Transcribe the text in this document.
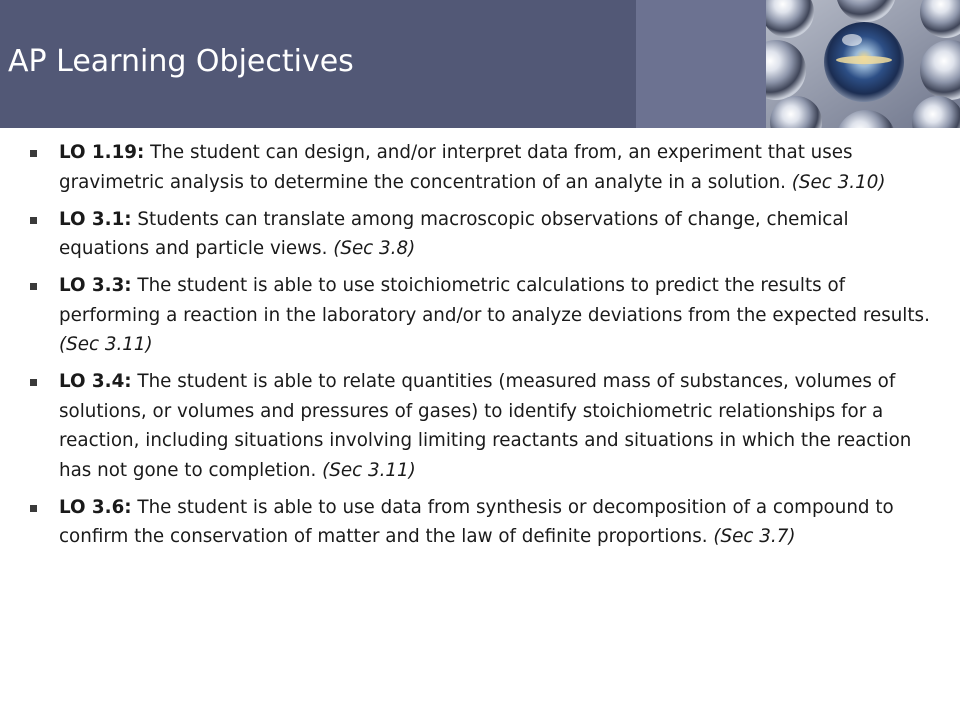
AP Learning Objectives
LO 1.19: The student can design, and/or interpret data from, an experiment that uses gravimetric analysis to determine the concentration of an analyte in a solution. (Sec 3.10)
LO 3.1: Students can translate among macroscopic observations of change, chemical equations and particle views. (Sec 3.8)
LO 3.3: The student is able to use stoichiometric calculations to predict the results of performing a reaction in the laboratory and/or to analyze deviations from the expected results. (Sec 3.11)
LO 3.4: The student is able to relate quantities (measured mass of substances, volumes of solutions, or volumes and pressures of gases) to identify stoichiometric relationships for a reaction, including situations involving limiting reactants and situations in which the reaction has not gone to completion. (Sec 3.11)
LO 3.6: The student is able to use data from synthesis or decomposition of a compound to confirm the conservation of matter and the law of definite proportions. (Sec 3.7)
